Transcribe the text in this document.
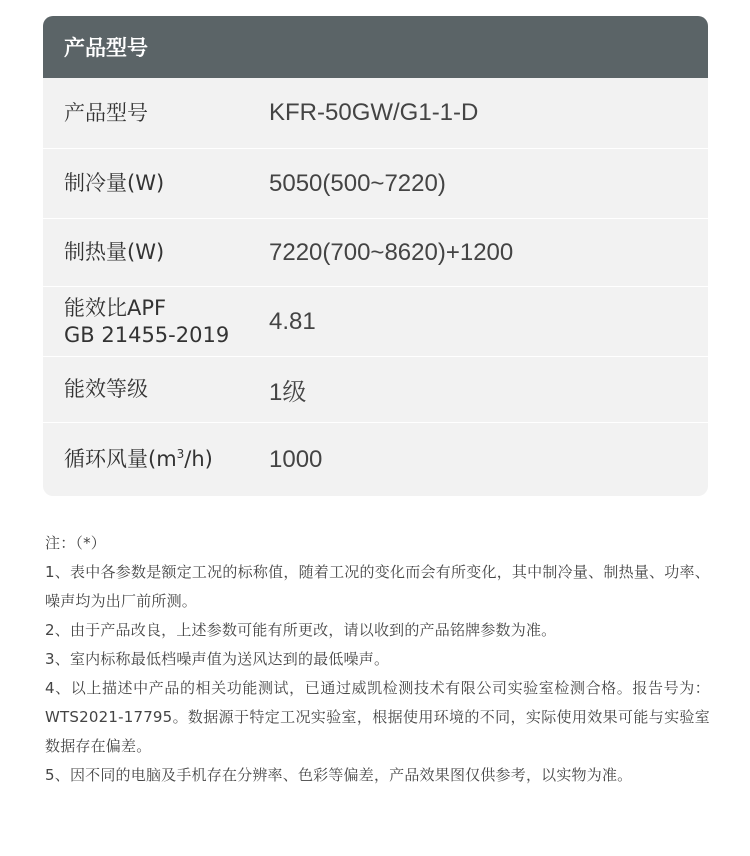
产品型号
产品型号	KFR-50GW/G1-1-D
制冷量(W)	5050(500~7220)
制热量(W)	7220(700~8620)+1200
能效比APF
GB 21455-2019	4.81
能效等级	1级
循环风量$(m^3/h)$	1000

注：（*）

1、表中各参数是额定工况的标称值，随着工况的变化而会有所变化，其中制冷量、制热量、功率、噪声均为出厂前所测。

2、由于产品改良，上述参数可能有所更改，请以收到的产品铭牌参数为准。

3、室内标称最低档噪声值为送风达到的最低噪声。

4、以上描述中产品的相关功能测试，已通过威凯检测技术有限公司实验室检测合格。报告号为：WTS2021-17795。数据源于特定工况实验室，根据使用环境的不同，实际使用效果可能与实验室数据存在偏差。

5、因不同的电脑及手机存在分辨率、色彩等偏差，产品效果图仅供参考，以实物为准。
